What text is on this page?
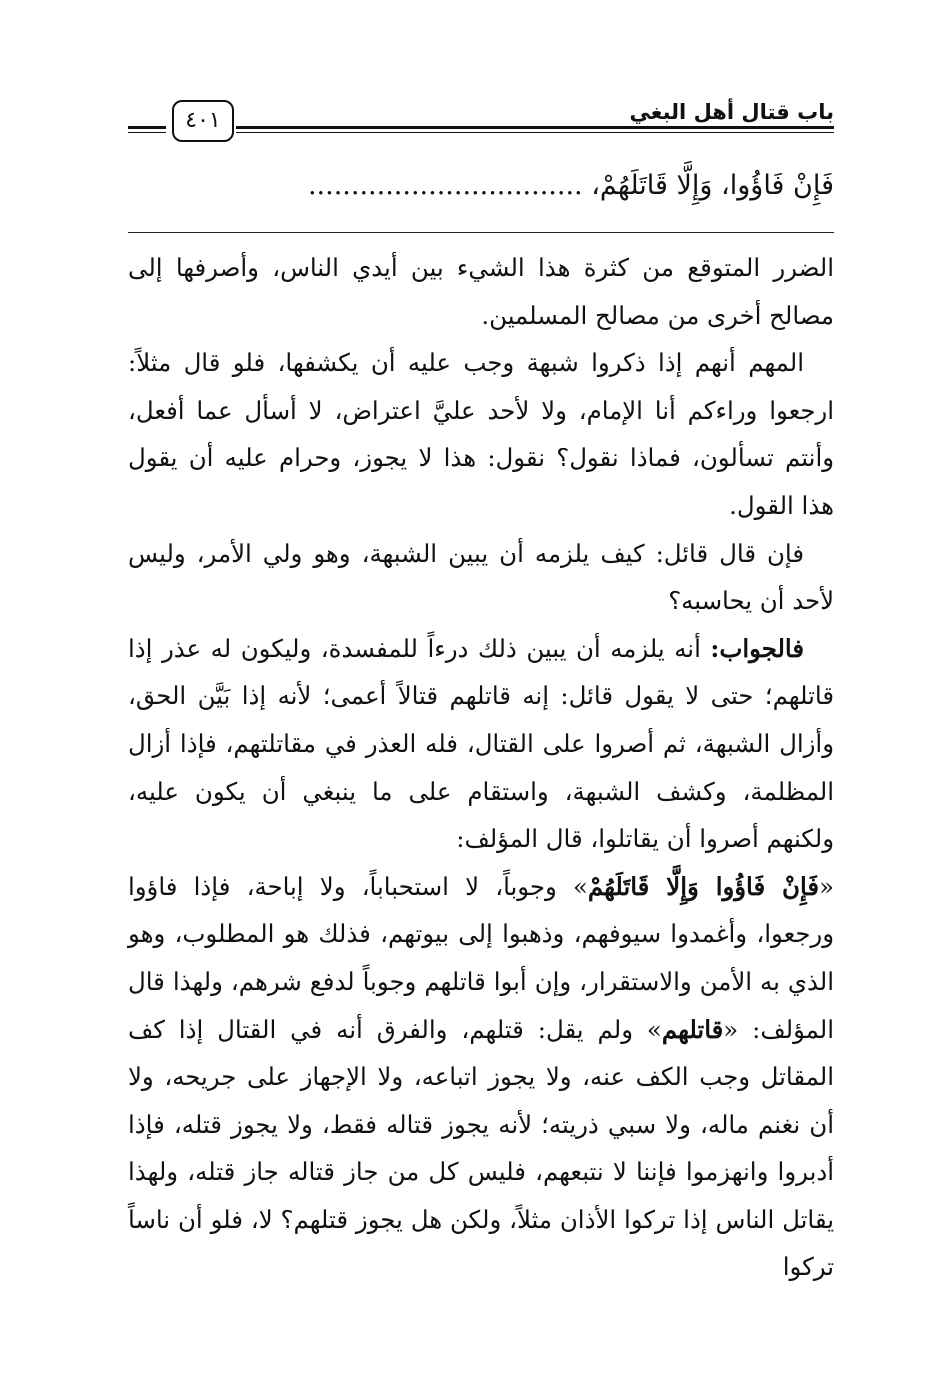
باب قتال أهل البغي
٤٠١
فَإِنْ فَاؤُوا، وَإِلَّا قَاتَلَهُمْ، ................................

الضرر المتوقع من كثرة هذا الشيء بين أيدي الناس، وأصرفها إلى مصالح أخرى من مصالح المسلمين.

المهم أنهم إذا ذكروا شبهة وجب عليه أن يكشفها، فلو قال مثلاً: ارجعوا وراءكم أنا الإمام، ولا لأحد عليَّ اعتراض، لا أسأل عما أفعل، وأنتم تسألون، فماذا نقول؟ نقول: هذا لا يجوز، وحرام عليه أن يقول هذا القول.

فإن قال قائل: كيف يلزمه أن يبين الشبهة، وهو ولي الأمر، وليس لأحد أن يحاسبه؟

فالجواب: أنه يلزمه أن يبين ذلك درءاً للمفسدة، وليكون له عذر إذا قاتلهم؛ حتى لا يقول قائل: إنه قاتلهم قتالاً أعمى؛ لأنه إذا بَيَّن الحق، وأزال الشبهة، ثم أصروا على القتال، فله العذر في مقاتلتهم، فإذا أزال المظلمة، وكشف الشبهة، واستقام على ما ينبغي أن يكون عليه، ولكنهم أصروا أن يقاتلوا، قال المؤلف:

«فَإِنْ فَاؤُوا وَإِلَّا قَاتَلَهُمْ» وجوباً، لا استحباباً، ولا إباحة، فإذا فاؤوا ورجعوا، وأغمدوا سيوفهم، وذهبوا إلى بيوتهم، فذلك هو المطلوب، وهو الذي به الأمن والاستقرار، وإن أبوا قاتلهم وجوباً لدفع شرهم، ولهذا قال المؤلف: «قاتلهم» ولم يقل: قتلهم، والفرق أنه في القتال إذا كف المقاتل وجب الكف عنه، ولا يجوز اتباعه، ولا الإجهاز على جريحه، ولا أن نغنم ماله، ولا سبي ذريته؛ لأنه يجوز قتاله فقط، ولا يجوز قتله، فإذا أدبروا وانهزموا فإننا لا نتبعهم، فليس كل من جاز قتاله جاز قتله، ولهذا يقاتل الناس إذا تركوا الأذان مثلاً، ولكن هل يجوز قتلهم؟ لا، فلو أن ناساً تركوا
